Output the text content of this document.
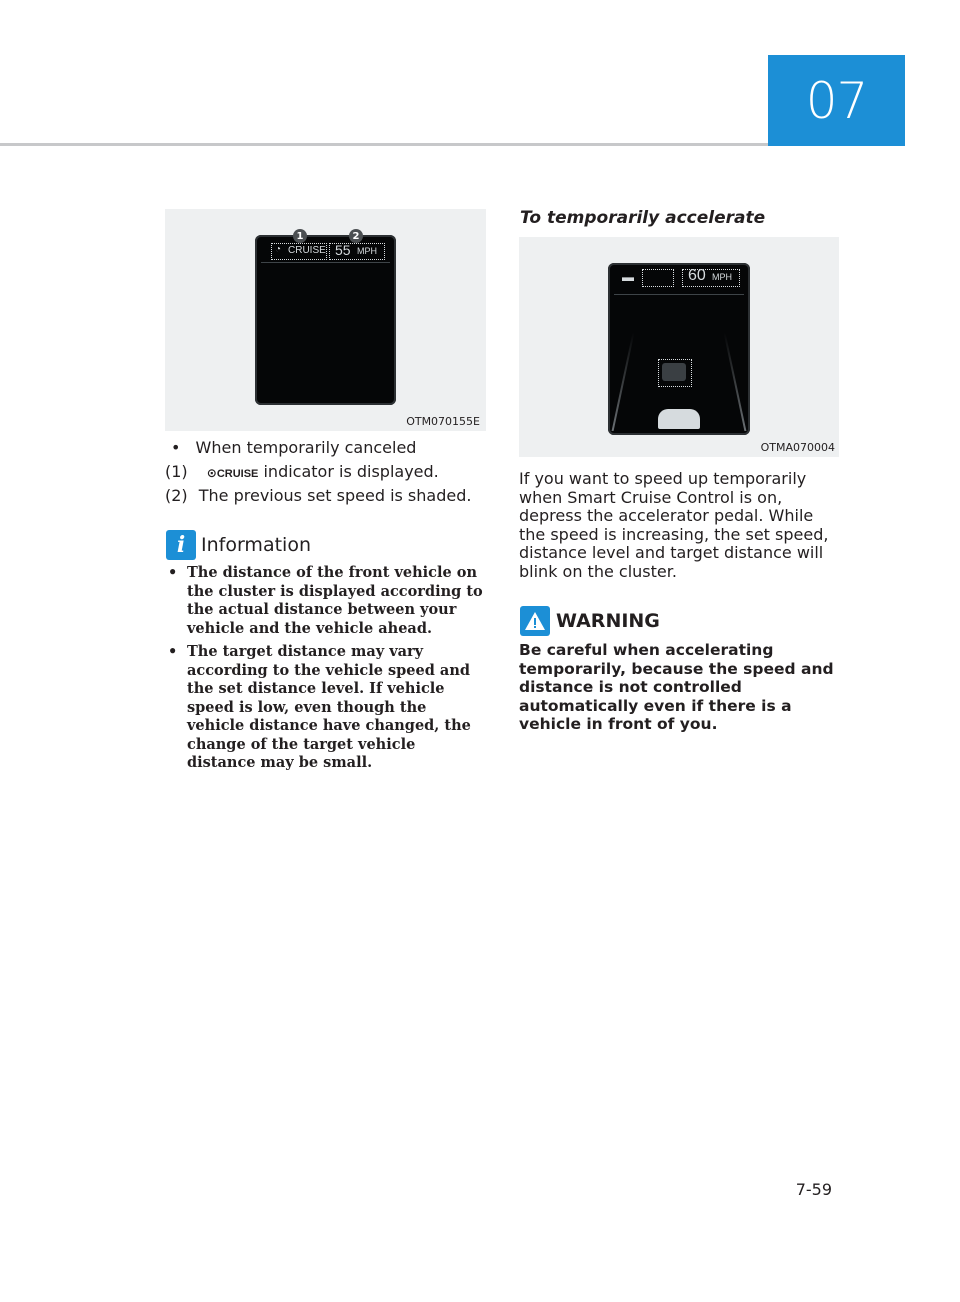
07
◔ CRUISE 55 MPH
1	2
OTM070155E
• When temporarily canceled
(1) ⊙CRUISE indicator is displayed.
(2) The previous set speed is shaded.
i Information
• The distance of the front vehicle on the cluster is displayed according to the actual distance between your vehicle and the vehicle ahead.
• The target distance may vary according to the vehicle speed and the set distance level. If vehicle speed is low, even though the vehicle distance have changed, the change of the target vehicle distance may be small.
To temporarily accelerate
▬	60 MPH
OTMA070004
If you want to speed up temporarily when Smart Cruise Control is on, depress the accelerator pedal. While the speed is increasing, the set speed, distance level and target distance will blink on the cluster.
WARNING
Be careful when accelerating temporarily, because the speed and distance is not controlled automatically even if there is a vehicle in front of you.
7-59
